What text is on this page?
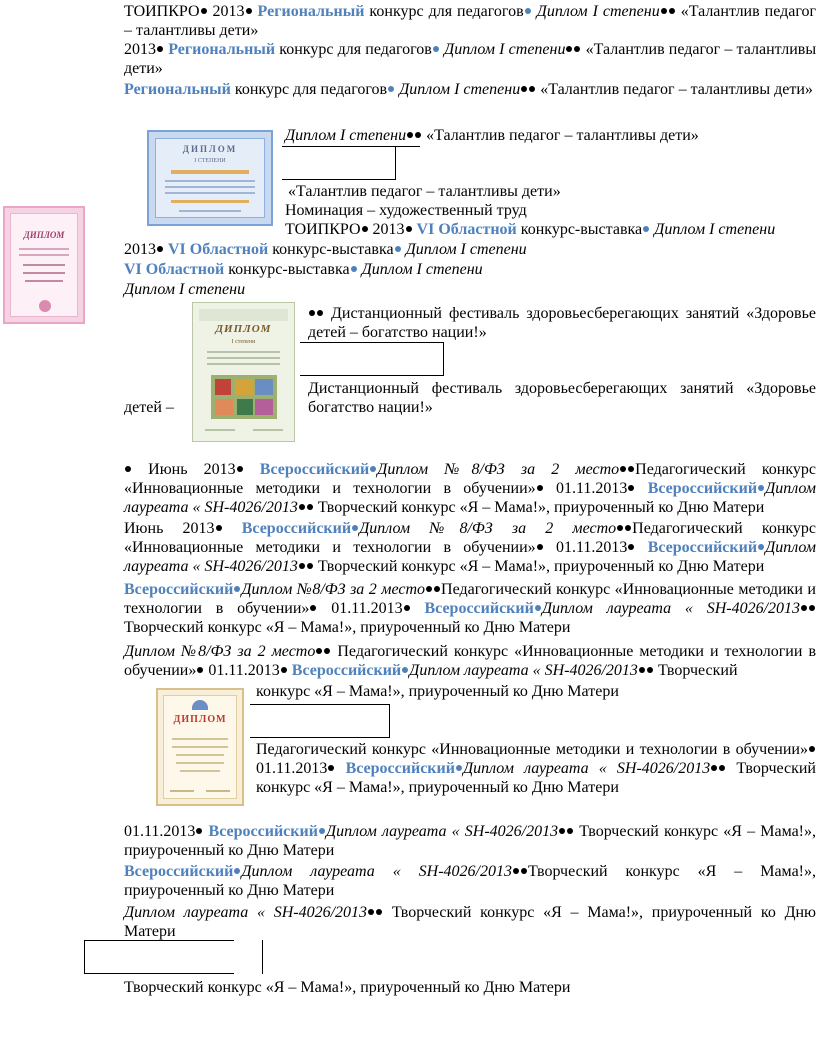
ТОИПКРО 2013 Региональный конкурс для педагогов Диплом I степени «Талантлив педагог – талантливы дети»
2013 Региональный конкурс для педагогов Диплом I степени «Талантлив педагог – талантливы дети»
Региональный конкурс для педагогов Диплом I степени «Талантлив педагог – талантливы дети»
ДИПЛОМ
I СТЕПЕНИ
ДИПЛОМ
Диплом I степени «Талантлив педагог – талантливы дети»
«Талантлив педагог – талантливы дети»
Номинация – художественный труд
ТОИПКРО 2013 VI Областной конкурс-выставка Диплом I степени
2013 VI Областной конкурс-выставка Диплом I степени
VI Областной конкурс-выставка Диплом I степени
Диплом I степени
ДИПЛОМ
I степени
Дистанционный фестиваль здоровьесберегающих занятий «Здоровье детей – богатство нации!»
Дистанционный фестиваль здоровьесберегающих занятий «Здоровье богатство нации!»
детей –
Июнь 2013 Всероссийский Диплом №8/ФЗ за 2 место Педагогический конкурс «Инновационные методики и технологии в обучении» 01.11.2013 Всероссийский Диплом лауреата « SH-4026/2013 Творческий конкурс «Я – Мама!», приуроченный ко Дню Матери
Июнь 2013 Всероссийский Диплом №8/ФЗ за 2 место Педагогический конкурс «Инновационные методики и технологии в обучении» 01.11.2013 Всероссийский Диплом лауреата « SH-4026/2013 Творческий конкурс «Я – Мама!», приуроченный ко Дню Матери
Всероссийский Диплом №8/ФЗ за 2 место Педагогический конкурс «Инновационные методики и технологии в обучении» 01.11.2013 Всероссийский Диплом лауреата « SH-4026/2013 Творческий конкурс «Я – Мама!», приуроченный ко Дню Матери
Диплом №8/ФЗ за 2 место Педагогический конкурс «Инновационные методики и технологии в обучении» 01.11.2013 Всероссийский Диплом лауреата « SH-4026/2013 Творческий
конкурс «Я – Мама!», приуроченный ко Дню Матери
ДИПЛОМ
Педагогический конкурс «Инновационные методики и технологии в обучении» 01.11.2013 Всероссийский Диплом лауреата « SH-4026/2013 Творческий конкурс «Я – Мама!», приуроченный ко Дню Матери
01.11.2013 Всероссийский Диплом лауреата « SH-4026/2013 Творческий конкурс «Я – Мама!», приуроченный ко Дню Матери
Всероссийский Диплом лауреата « SH-4026/2013 Творческий конкурс «Я – Мама!», приуроченный ко Дню Матери
Диплом лауреата « SH-4026/2013 Творческий конкурс «Я – Мама!», приуроченный ко Дню Матери
Творческий конкурс «Я – Мама!», приуроченный ко Дню Матери
